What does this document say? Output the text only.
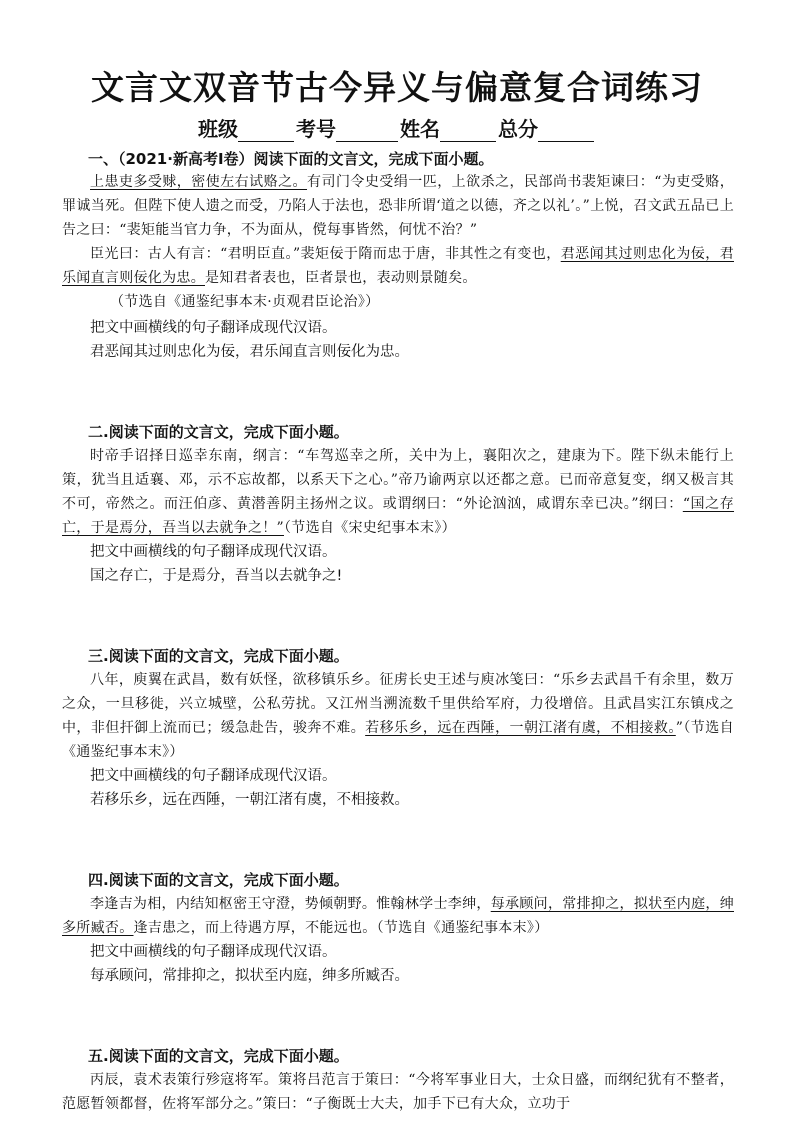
文言文双音节古今异义与偏意复合词练习
班级	考号	姓名	总分
一、（2021·新高考Ⅰ卷）阅读下面的文言文，完成下面小题。
上患吏多受赇，密使左右试赂之。有司门令史受绢一匹，上欲杀之，民部尚书裴矩谏曰：“为吏受赂，罪诚当死。但陛下使人遗之而受，乃陷人于法也，恐非所谓‘道之以德，齐之以礼’。”上悦，召文武五品已上告之曰：“裴矩能当官力争，不为面从，傥每事皆然，何忧不治？”
臣光曰：古人有言：“君明臣直。”裴矩佞于隋而忠于唐，非其性之有变也，君恶闻其过则忠化为佞，君乐闻直言则佞化为忠。是知君者表也，臣者景也，表动则景随矣。
（节选自《通鉴纪事本末·贞观君臣论治》）
把文中画横线的句子翻译成现代汉语。
君恶闻其过则忠化为佞，君乐闻直言则佞化为忠。
二.阅读下面的文言文，完成下面小题。
时帝手诏择日巡幸东南，纲言：“车驾巡幸之所，关中为上，襄阳次之，建康为下。陛下纵未能行上策，犹当且适襄、邓，示不忘故都，以系天下之心。”帝乃谕两京以还都之意。已而帝意复变，纲又极言其不可，帝然之。而汪伯彦、黄潜善阴主扬州之议。或谓纲曰：“外论汹汹，咸谓东幸已决。”纲曰：“国之存亡，于是焉分，吾当以去就争之！”（节选自《宋史纪事本末》）
把文中画横线的句子翻译成现代汉语。
国之存亡，于是焉分，吾当以去就争之!
三.阅读下面的文言文，完成下面小题。
八年，庾翼在武昌，数有妖怪，欲移镇乐乡。征虏长史王述与庾冰笺曰：“乐乡去武昌千有余里，数万之众，一旦移徙，兴立城壁，公私劳扰。又江州当溯流数千里供给军府，力役增倍。且武昌实江东镇戍之中，非但扞御上流而已；缓急赴告，骏奔不难。若移乐乡，远在西陲，一朝江渚有虞，不相接救。”（节选自《通鉴纪事本末》）
把文中画横线的句子翻译成现代汉语。
若移乐乡，远在西陲，一朝江渚有虞，不相接救。
四.阅读下面的文言文，完成下面小题。
李逢吉为相，内结知枢密王守澄，势倾朝野。惟翰林学士李绅，每承顾问，常排抑之，拟状至内庭，绅多所臧否。逢吉患之，而上待遇方厚，不能远也。（节选自《通鉴纪事本末》）
把文中画横线的句子翻译成现代汉语。
每承顾问，常排抑之，拟状至内庭，绅多所臧否。
五.阅读下面的文言文，完成下面小题。
丙辰，袁术表策行殄寇将军。策将吕范言于策曰：“今将军事业日大，士众日盛，而纲纪犹有不整者，范愿暂领都督，佐将军部分之。”策曰：“子衡既士大夫，加手下已有大众，立功于
